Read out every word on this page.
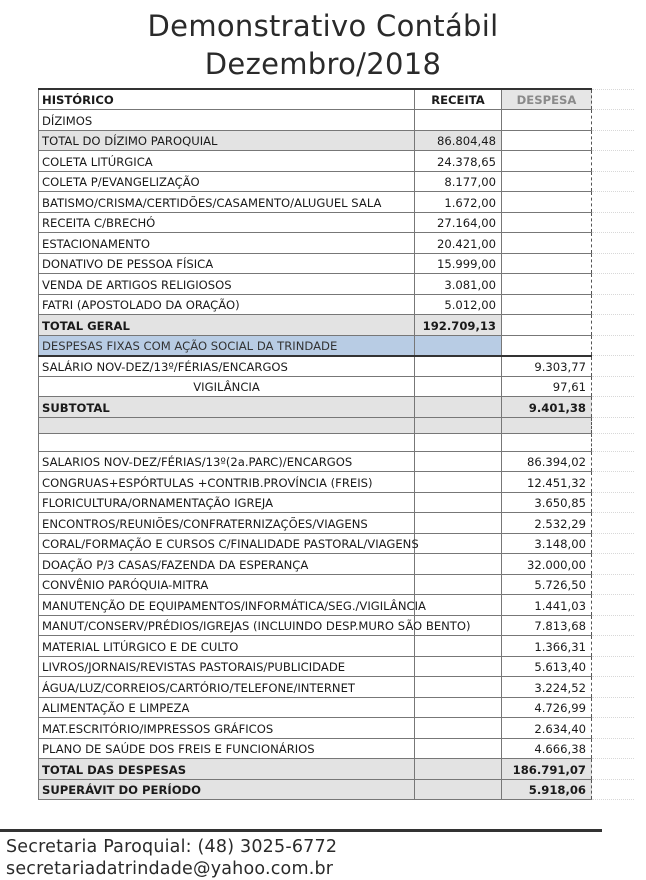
Demonstrativo Contábil
Dezembro/2018
HISTÓRICO	RECEITA	DESPESA	
DÍZIMOS			
TOTAL DO DÍZIMO PAROQUIAL	86.804,48		
COLETA LITÚRGICA	24.378,65		
COLETA P/EVANGELIZAÇÃO	8.177,00		
BATISMO/CRISMA/CERTIDÕES/CASAMENTO/ALUGUEL SALA	1.672,00		
RECEITA C/BRECHÓ	27.164,00		
ESTACIONAMENTO	20.421,00		
DONATIVO DE PESSOA FÍSICA	15.999,00		
VENDA DE ARTIGOS RELIGIOSOS	3.081,00		
FATRI (APOSTOLADO DA ORAÇÃO)	5.012,00		
TOTAL GERAL	192.709,13		
DESPESAS FIXAS COM AÇÃO SOCIAL DA TRINDADE			
SALÁRIO NOV-DEZ/13º/FÉRIAS/ENCARGOS		9.303,77	
VIGILÂNCIA		97,61	
SUBTOTAL		9.401,38	

SALARIOS NOV-DEZ/FÉRIAS/13º(2a.PARC)/ENCARGOS		86.394,02	
CONGRUAS+ESPÓRTULAS +CONTRIB.PROVÍNCIA (FREIS)		12.451,32	
FLORICULTURA/ORNAMENTAÇÃO IGREJA		3.650,85	
ENCONTROS/REUNIÕES/CONFRATERNIZAÇÕES/VIAGENS		2.532,29	
CORAL/FORMAÇÃO E CURSOS C/FINALIDADE PASTORAL/VIAGENS		3.148,00	
DOAÇÃO P/3 CASAS/FAZENDA DA ESPERANÇA		32.000,00	
CONVÊNIO PARÓQUIA-MITRA		5.726,50	
MANUTENÇÃO DE EQUIPAMENTOS/INFORMÁTICA/SEG./VIGILÂNCIA		1.441,03	
MANUT/CONSERV/PRÉDIOS/IGREJAS (INCLUINDO DESP.MURO SÃO BENTO)		7.813,68	
MATERIAL LITÚRGICO E DE CULTO		1.366,31	
LIVROS/JORNAIS/REVISTAS PASTORAIS/PUBLICIDADE		5.613,40	
ÁGUA/LUZ/CORREIOS/CARTÓRIO/TELEFONE/INTERNET		3.224,52	
ALIMENTAÇÃO E LIMPEZA		4.726,99	
MAT.ESCRITÓRIO/IMPRESSOS GRÁFICOS		2.634,40	
PLANO DE SAÚDE DOS FREIS E FUNCIONÁRIOS		4.666,38	
TOTAL DAS DESPESAS		186.791,07	
SUPERÁVIT DO PERÍODO		5.918,06	
Secretaria Paroquial: (48) 3025-6772
secretariadatrindade@yahoo.com.br
